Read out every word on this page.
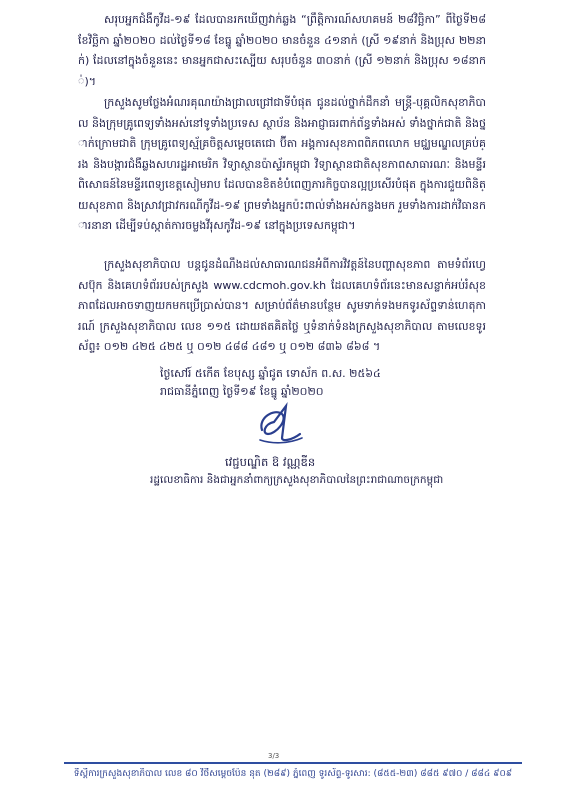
សរុបអ្នកជំងឺកូវីដ-១៩ ដែលបានរកឃើញវាក់ឆ្លង “ព្រឹត្តិការណ៍សហគមន៍ ២៨វិច្ឆិកា” ពីថ្ងៃទី២៨ ខែវិច្ឆិកា ឆ្នាំ២០២០ ដល់ថ្ងៃទី១៨ ខែធ្នូ ឆ្នាំ២០២០ មានចំនួន ៤១នាក់ (ស្រី ១៩នាក់ និងប្រុស ២២នាក់) ដែលនៅក្នុងចំនួននេះ មានអ្នកជាសះស្បើយ សរុបចំនួន ៣០នាក់ (ស្រី ១២នាក់ និងប្រុស ១៨នាក់)។
ក្រសួងសូមថ្លែងអំណរគុណយ៉ាងជ្រាលជ្រៅជាទីបំផុត ជូនដល់ថ្នាក់ដឹកនាំ មន្ត្រី-បុគ្គលិកសុខាភិបាល និងក្រុមគ្រូពេទ្យទាំងអស់នៅទូទាំងប្រទេស ស្ថាប័ន និងអាជ្ញាធរពាក់ព័ន្ធទាំងអស់ ទាំងថ្នាក់ជាតិ និងថ្នាក់ក្រោមជាតិ ក្រុមគ្រូពេទ្យស្ម័គ្រចិត្តសម្តេចតេជោ ប៊ីតា អង្គការសុខភាពពិភពលោក មជ្ឈមណ្ឌលគ្រប់គ្រង និងបង្ការជំងឺឆ្លងសហរដ្ឋអាមេរិក វិទ្យាស្ថានប៉ាស្ទ័រកម្ពុជា វិទ្យាស្ថានជាតិសុខភាពសាធារណៈ និងមន្ទីរពិសោធន៍នៃមន្ទីរពេទ្យខេត្តសៀមរាប ដែលបានខិតខំបំពេញភារកិច្ចបានល្អប្រសើរបំផុត ក្នុងការជួយពិនិត្យសុខភាព និងស្រាវជ្រាវករណីកូវីដ-១៩ ព្រមទាំងអ្នកប៉ះពាល់ទាំងអស់កន្លងមក រួមទាំងការដាក់វិធានការនានា ដើម្បីទប់ស្កាត់ការចម្លងវីរុសកូវីដ-១៩ នៅក្នុងប្រទេសកម្ពុជា។
ក្រសួងសុខាភិបាល បន្តជូនដំណឹងដល់សាធារណជនអំពីការវិវត្តន៍នៃបញ្ហាសុខភាព តាមទំព័រហ្វេសប៊ុក និងគេហទំព័ររបស់ក្រសួង www.cdcmoh.gov.kh ដែលគេហទំព័រនេះមានសន្លាក់អប់រំសុខភាពដែលអាចទាញយកមកប្រើប្រាស់បាន។ សម្រាប់ព័ត៌មានបន្ថែម សូមទាក់ទងមកទូរស័ព្ទទាន់ហេតុការណ៍ ក្រសួងសុខាភិបាល លេខ ១១៥ ដោយឥតគិតថ្លៃ ឬទំនាក់ទំនងក្រសួងសុខាភិបាល តាមលេខទូរស័ព្ទ៖ ០១២ ៤២៥ ៤២៥ ឬ ០១២ ៤៨៨ ៤៨១ ឬ ០១២ ៨៣៦ ៨៦៨ ។
ថ្ងៃសៅរ៍ ៥កើត ខែបុស្ស ឆ្នាំជូត ទោស័ក ព.ស. ២៥៦៤
រាជធានីភ្នំពេញ ថ្ងៃទី១៩ ខែធ្នូ ឆ្នាំ២០២០
វេជ្ជបណ្ឌិត ឱ វណ្ណឌីន
រដ្ឋលេខាធិការ និងជាអ្នកនាំពាក្យក្រសួងសុខាភិបាលនៃព្រះរាជាណាចក្រកម្ពុជា
3/3
ទីស្តីការក្រសួងសុខាភិបាល លេខ ៨០ វិថីសម្តេចប៉ែន នុត (២៨៩) ភ្នំពេញ ទូរស័ព្ទ-ទូរសារ: (៨៥៥-២៣) ៨៨៥ ៩៧០ / ៨៨៤ ៩០៩
